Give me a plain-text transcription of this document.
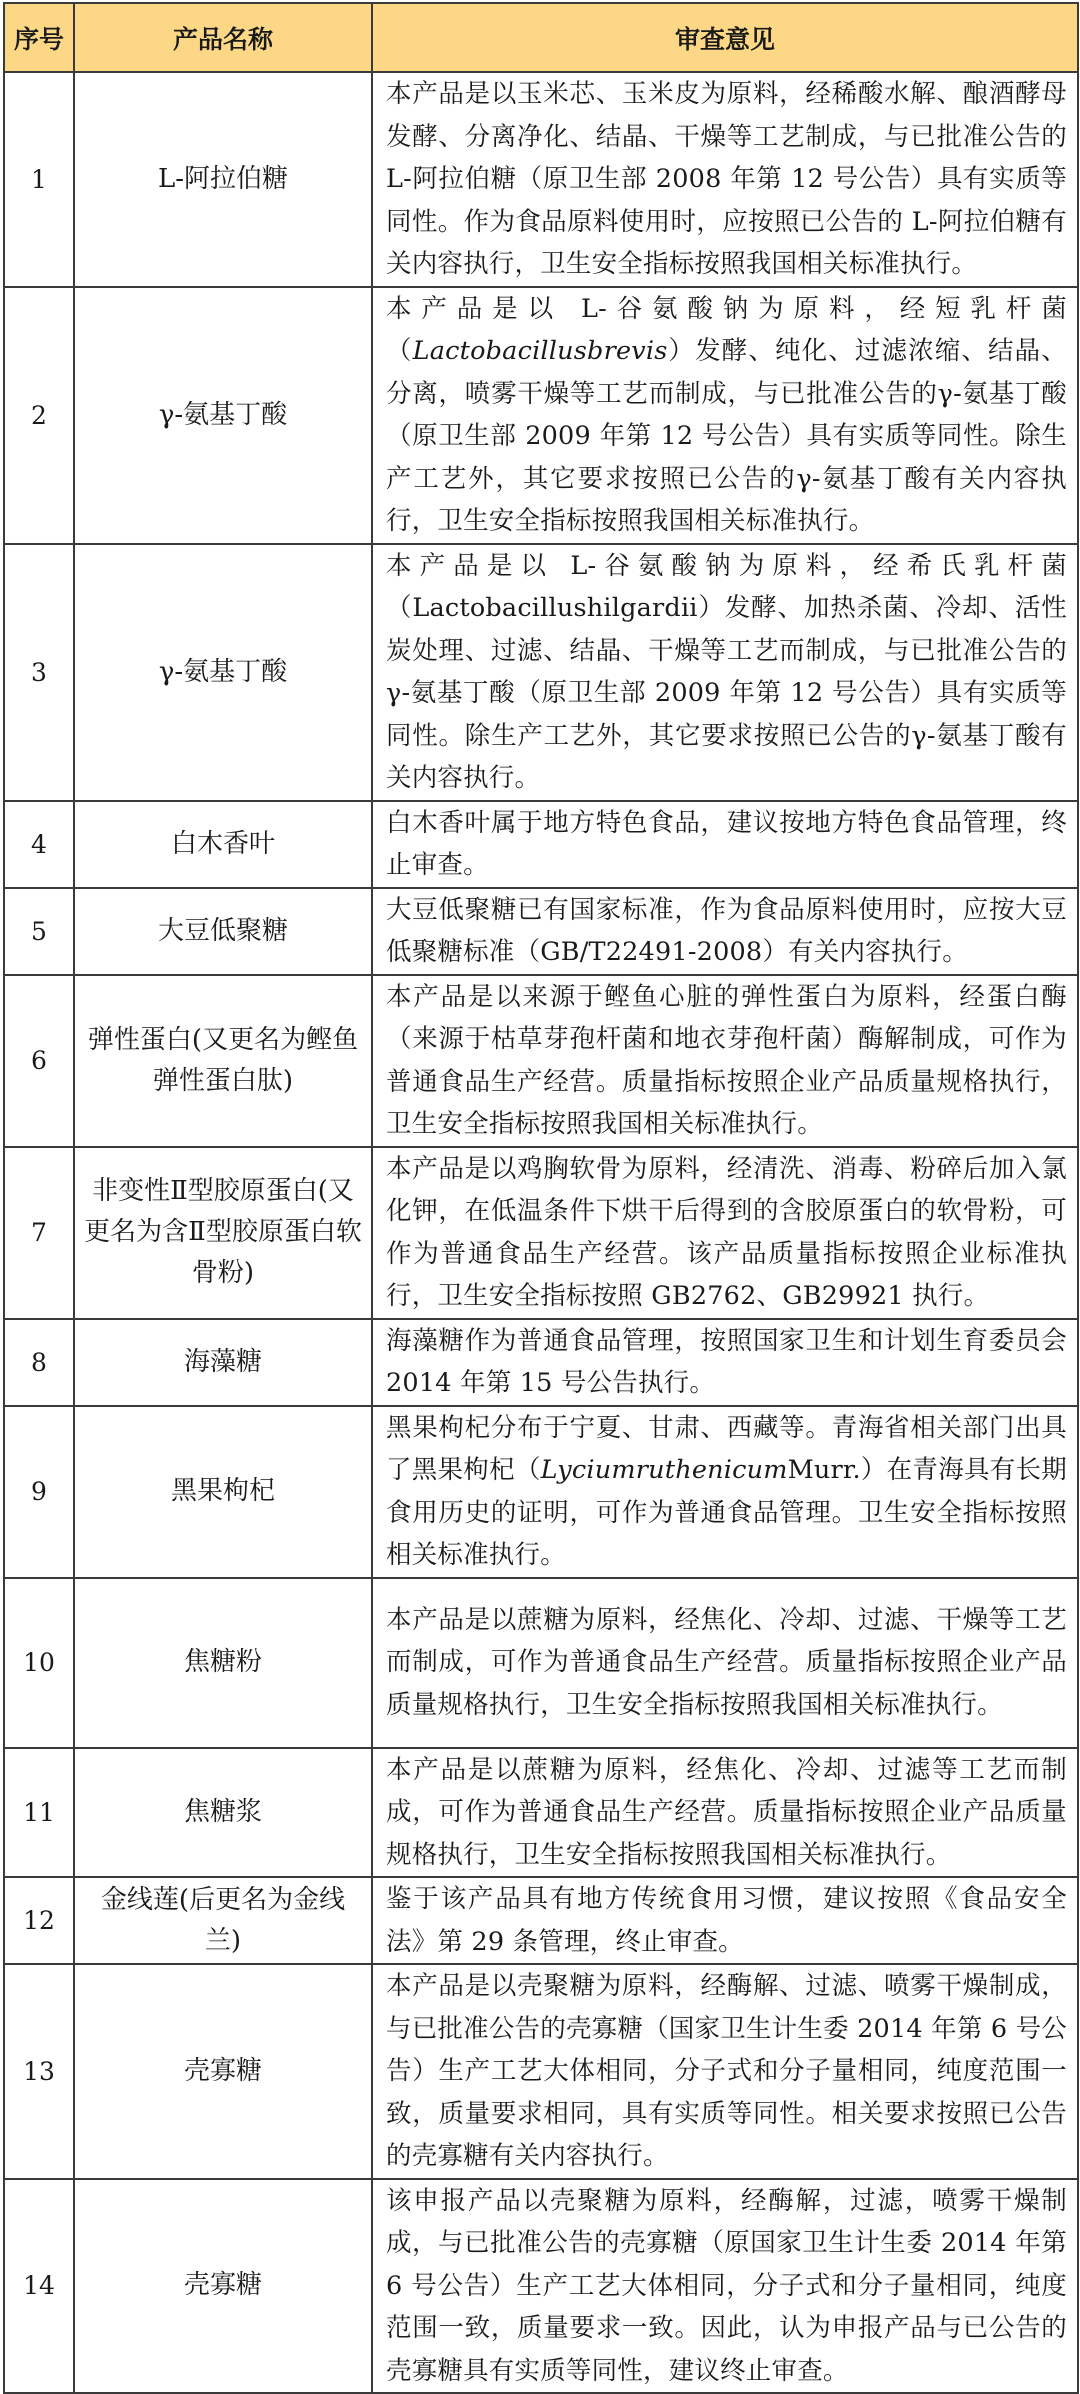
序号	产品名称	审查意见
1	L-阿拉伯糖	本产品是以玉米芯、玉米皮为原料，经稀酸水解、酿酒酵母发酵、分离净化、结晶、干燥等工艺制成，与已批准公告的 L-阿拉伯糖（原卫生部 2008 年第 12 号公告）具有实质等同性。作为食品原料使用时，应按照已公告的 L-阿拉伯糖有关内容执行，卫生安全指标按照我国相关标准执行。
2	γ-氨基丁酸	本产品是以 L-谷氨酸钠为原料，经短乳杆菌（Lactobacillusbrevis）发酵、纯化、过滤浓缩、结晶、分离，喷雾干燥等工艺而制成，与已批准公告的γ-氨基丁酸（原卫生部 2009 年第 12 号公告）具有实质等同性。除生产工艺外，其它要求按照已公告的γ-氨基丁酸有关内容执行，卫生安全指标按照我国相关标准执行。
3	γ-氨基丁酸	本产品是以 L-谷氨酸钠为原料，经希氏乳杆菌（Lactobacillushilgardii）发酵、加热杀菌、冷却、活性炭处理、过滤、结晶、干燥等工艺而制成，与已批准公告的γ-氨基丁酸（原卫生部 2009 年第 12 号公告）具有实质等同性。除生产工艺外，其它要求按照已公告的γ-氨基丁酸有关内容执行。
4	白木香叶	白木香叶属于地方特色食品，建议按地方特色食品管理，终止审查。
5	大豆低聚糖	大豆低聚糖已有国家标准，作为食品原料使用时，应按大豆低聚糖标准（GB/T22491-2008）有关内容执行。
6	弹性蛋白(又更名为鲣鱼弹性蛋白肽)	本产品是以来源于鲣鱼心脏的弹性蛋白为原料，经蛋白酶（来源于枯草芽孢杆菌和地衣芽孢杆菌）酶解制成，可作为普通食品生产经营。质量指标按照企业产品质量规格执行，卫生安全指标按照我国相关标准执行。
7	非变性Ⅱ型胶原蛋白(又更名为含Ⅱ型胶原蛋白软骨粉)	本产品是以鸡胸软骨为原料，经清洗、消毒、粉碎后加入氯化钾，在低温条件下烘干后得到的含胶原蛋白的软骨粉，可作为普通食品生产经营。该产品质量指标按照企业标准执行，卫生安全指标按照 GB2762、GB29921 执行。
8	海藻糖	海藻糖作为普通食品管理，按照国家卫生和计划生育委员会 2014 年第 15 号公告执行。
9	黑果枸杞	黑果枸杞分布于宁夏、甘肃、西藏等。青海省相关部门出具了黑果枸杞（LyciumruthenicumMurr.）在青海具有长期食用历史的证明，可作为普通食品管理。卫生安全指标按照相关标准执行。
10	焦糖粉	本产品是以蔗糖为原料，经焦化、冷却、过滤、干燥等工艺而制成，可作为普通食品生产经营。质量指标按照企业产品质量规格执行，卫生安全指标按照我国相关标准执行。
11	焦糖浆	本产品是以蔗糖为原料，经焦化、冷却、过滤等工艺而制成，可作为普通食品生产经营。质量指标按照企业产品质量规格执行，卫生安全指标按照我国相关标准执行。
12	金线莲(后更名为金线兰)	鉴于该产品具有地方传统食用习惯，建议按照《食品安全法》第 29 条管理，终止审查。
13	壳寡糖	本产品是以壳聚糖为原料，经酶解、过滤、喷雾干燥制成，与已批准公告的壳寡糖（国家卫生计生委 2014 年第 6 号公告）生产工艺大体相同，分子式和分子量相同，纯度范围一致，质量要求相同，具有实质等同性。相关要求按照已公告的壳寡糖有关内容执行。
14	壳寡糖	该申报产品以壳聚糖为原料，经酶解，过滤，喷雾干燥制成，与已批准公告的壳寡糖（原国家卫生计生委 2014 年第 6 号公告）生产工艺大体相同，分子式和分子量相同，纯度范围一致，质量要求一致。因此，认为申报产品与已公告的壳寡糖具有实质等同性，建议终止审查。
